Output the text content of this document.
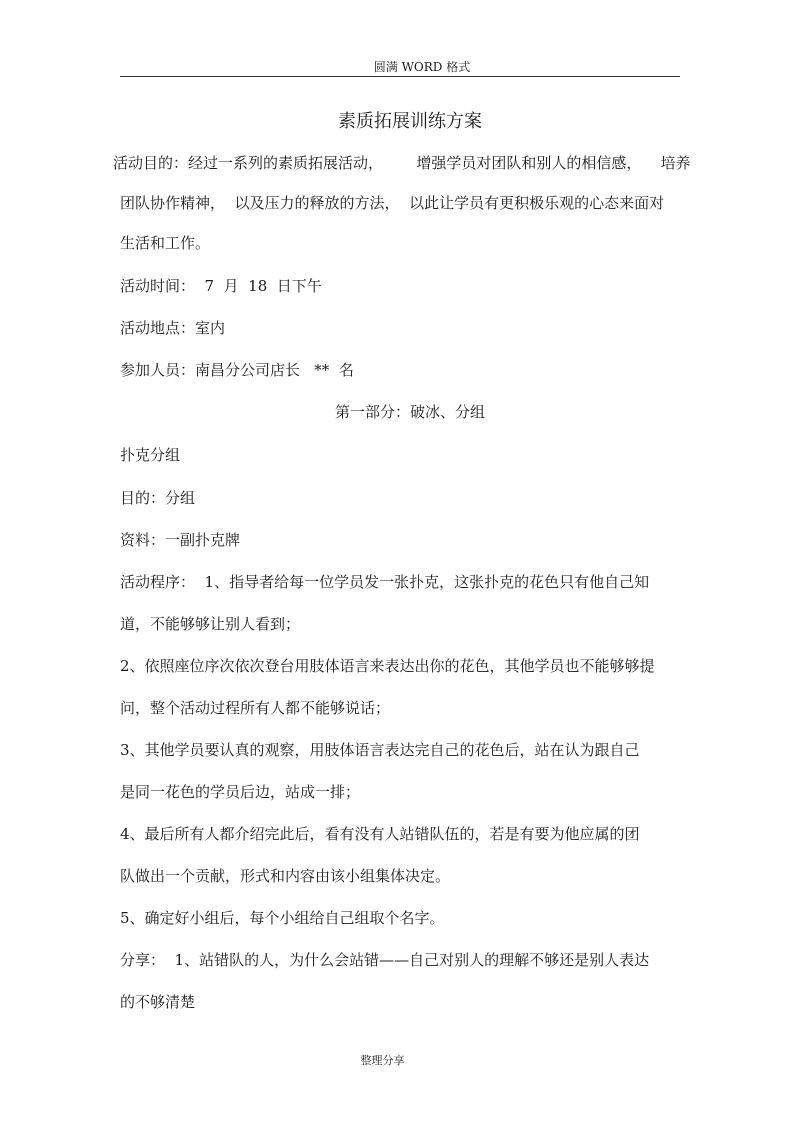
圆满 WORD 格式
素质拓展训练方案
活动目的：经过一系列的素质拓展活动，       增强学员对团队和别人的相信感，    培养
团队协作精神，  以及压力的释放的方法，  以此让学员有更积极乐观的心态来面对
生活和工作。
活动时间：  7  月  18  日下午
活动地点：室内
参加人员：南昌分公司店长   **  名
第一部分：破冰、分组
扑克分组
目的：分组
资料：一副扑克牌
活动程序：  1、指导者给每一位学员发一张扑克，这张扑克的花色只有他自己知
道，不能够够让别人看到；
2、依照座位序次依次登台用肢体语言来表达出你的花色，其他学员也不能够够提
问，整个活动过程所有人都不能够说话；
3、其他学员要认真的观察，用肢体语言表达完自己的花色后，站在认为跟自己
是同一花色的学员后边，站成一排；
4、最后所有人都介绍完此后，看有没有人站错队伍的，若是有要为他应属的团
队做出一个贡献，形式和内容由该小组集体决定。
5、确定好小组后，每个小组给自己组取个名字。
分享：  1、站错队的人，为什么会站错——自己对别人的理解不够还是别人表达
的不够清楚
整理分享
